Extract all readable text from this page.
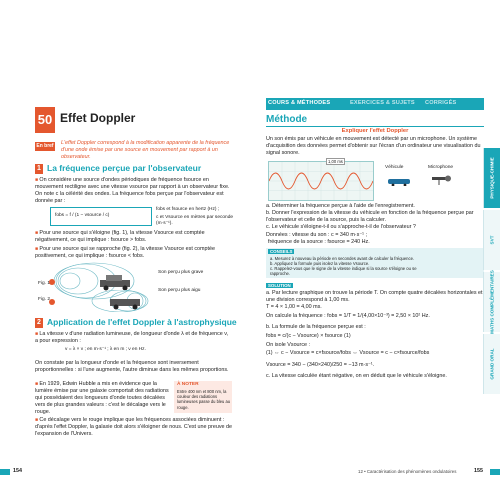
50 Effet Doppler
En bref L'effet Doppler correspond à la modification apparente de la fréquence d'une onde émise par une source en mouvement par rapport à un observateur.
1 La fréquence perçue par l'observateur
■ On considère une source d'ondes périodiques de fréquence fsource en mouvement rectiligne avec une vitesse vsource par rapport à un observateur fixe. On note c la célérité des ondes. La fréquence fobs perçue par l'observateur est donnée par :
fobs = f / (1 − vsource / c)
fobs et fsource en hertz (Hz) ;
c et Vsource en mètres par seconde (m·s⁻¹).
■ Pour une source qui s'éloigne (fig. 1), la vitesse Vsource est comptée négativement, ce qui implique : fsource > fobs.
■ Pour une source qui se rapproche (fig. 2), la vitesse Vsource est comptée positivement, ce qui implique : fsource < fobs.
Fig. 1
Son perçu plus grave
Fig. 2
Son perçu plus aigu
2 Application de l'effet Doppler à l'astrophysique
■ La vitesse v d'une radiation lumineuse, de longueur d'onde λ et de fréquence ν, a pour expression :
v = λ × ν ; en m·s⁻¹ ; λ en m ; ν en Hz.
On constate par la longueur d'onde et la fréquence sont inversement proportionnelles : si l'une augmente, l'autre diminue dans les mêmes proportions.
■ En 1929, Edwin Hubble a mis en évidence que la lumière émise par une galaxie comportait des radiations qui possédaient des longueurs d'onde toutes décalées vers de plus grandes valeurs : c'est le décalage vers le rouge.
■ Ce décalage vers le rouge implique que les fréquences associées diminuent : d'après l'effet Doppler, la galaxie doit alors s'éloigner de nous. C'est une preuve de l'expansion de l'Univers.
À NOTER
Entre 400 nm et 800 nm, la couleur des radiations lumineuses passe du bleu au rouge.
154
COURS & MÉTHODES	EXERCICES & SUJETS CORRIGÉS
Méthode
Expliquer l'effet Doppler
Un son émis par un véhicule en mouvement est détecté par un microphone. Un système d'acquisition des données permet d'obtenir sur l'écran d'un ordinateur une visualisation du signal sonore.
1,00 ms
Véhicule	Microphone
a. Déterminer la fréquence perçue à l'aide de l'enregistrement.
b. Donner l'expression de la vitesse du véhicule en fonction de la fréquence perçue par l'observateur et celle de la source, puis la calculer.
c. Le véhicule s'éloigne-t-il ou s'approche-t-il de l'observateur ?
Données : vitesse du son : c = 340 m·s⁻¹ ;
fréquence de la source : fsource = 240 Hz.
CONSEILS
a. Mesurez à nouveau la période en secondes avant de calculer la fréquence.
b. Appliquez la formule puis isolez la vitesse Vsource.
c. Rappelez-vous que le signe de la vitesse indique si la source s'éloigne ou se rapproche.
SOLUTION
a. Par lecture graphique on trouve la période T. On compte quatre décalées horizontales et une division correspond à 1,00 ms.
T = 4 × 1,00 = 4,00 ms.
On calcule la fréquence : fobs = 1/T = 1/(4,00×10⁻³) = 2,50 × 10² Hz.
b. La formule de la fréquence perçue est :
fobs = c/(c − Vsource) × fsource (1)
On isole Vsource :
(1) ⇔ c − Vsource = c×fsource/fobs ⇔ Vsource = c − c×fsource/fobs
Vsource = 340 − (340×240)/250 = −13 m·s⁻¹.
c. La vitesse calculée étant négative, on en déduit que le véhicule s'éloigne.
PHYSIQUE-CHIMIE
SVT
MATHS COMPLÉMENTAIRES
GRAND ORAL
12 • Caractérisation des phénomènes ondulatoires	155
